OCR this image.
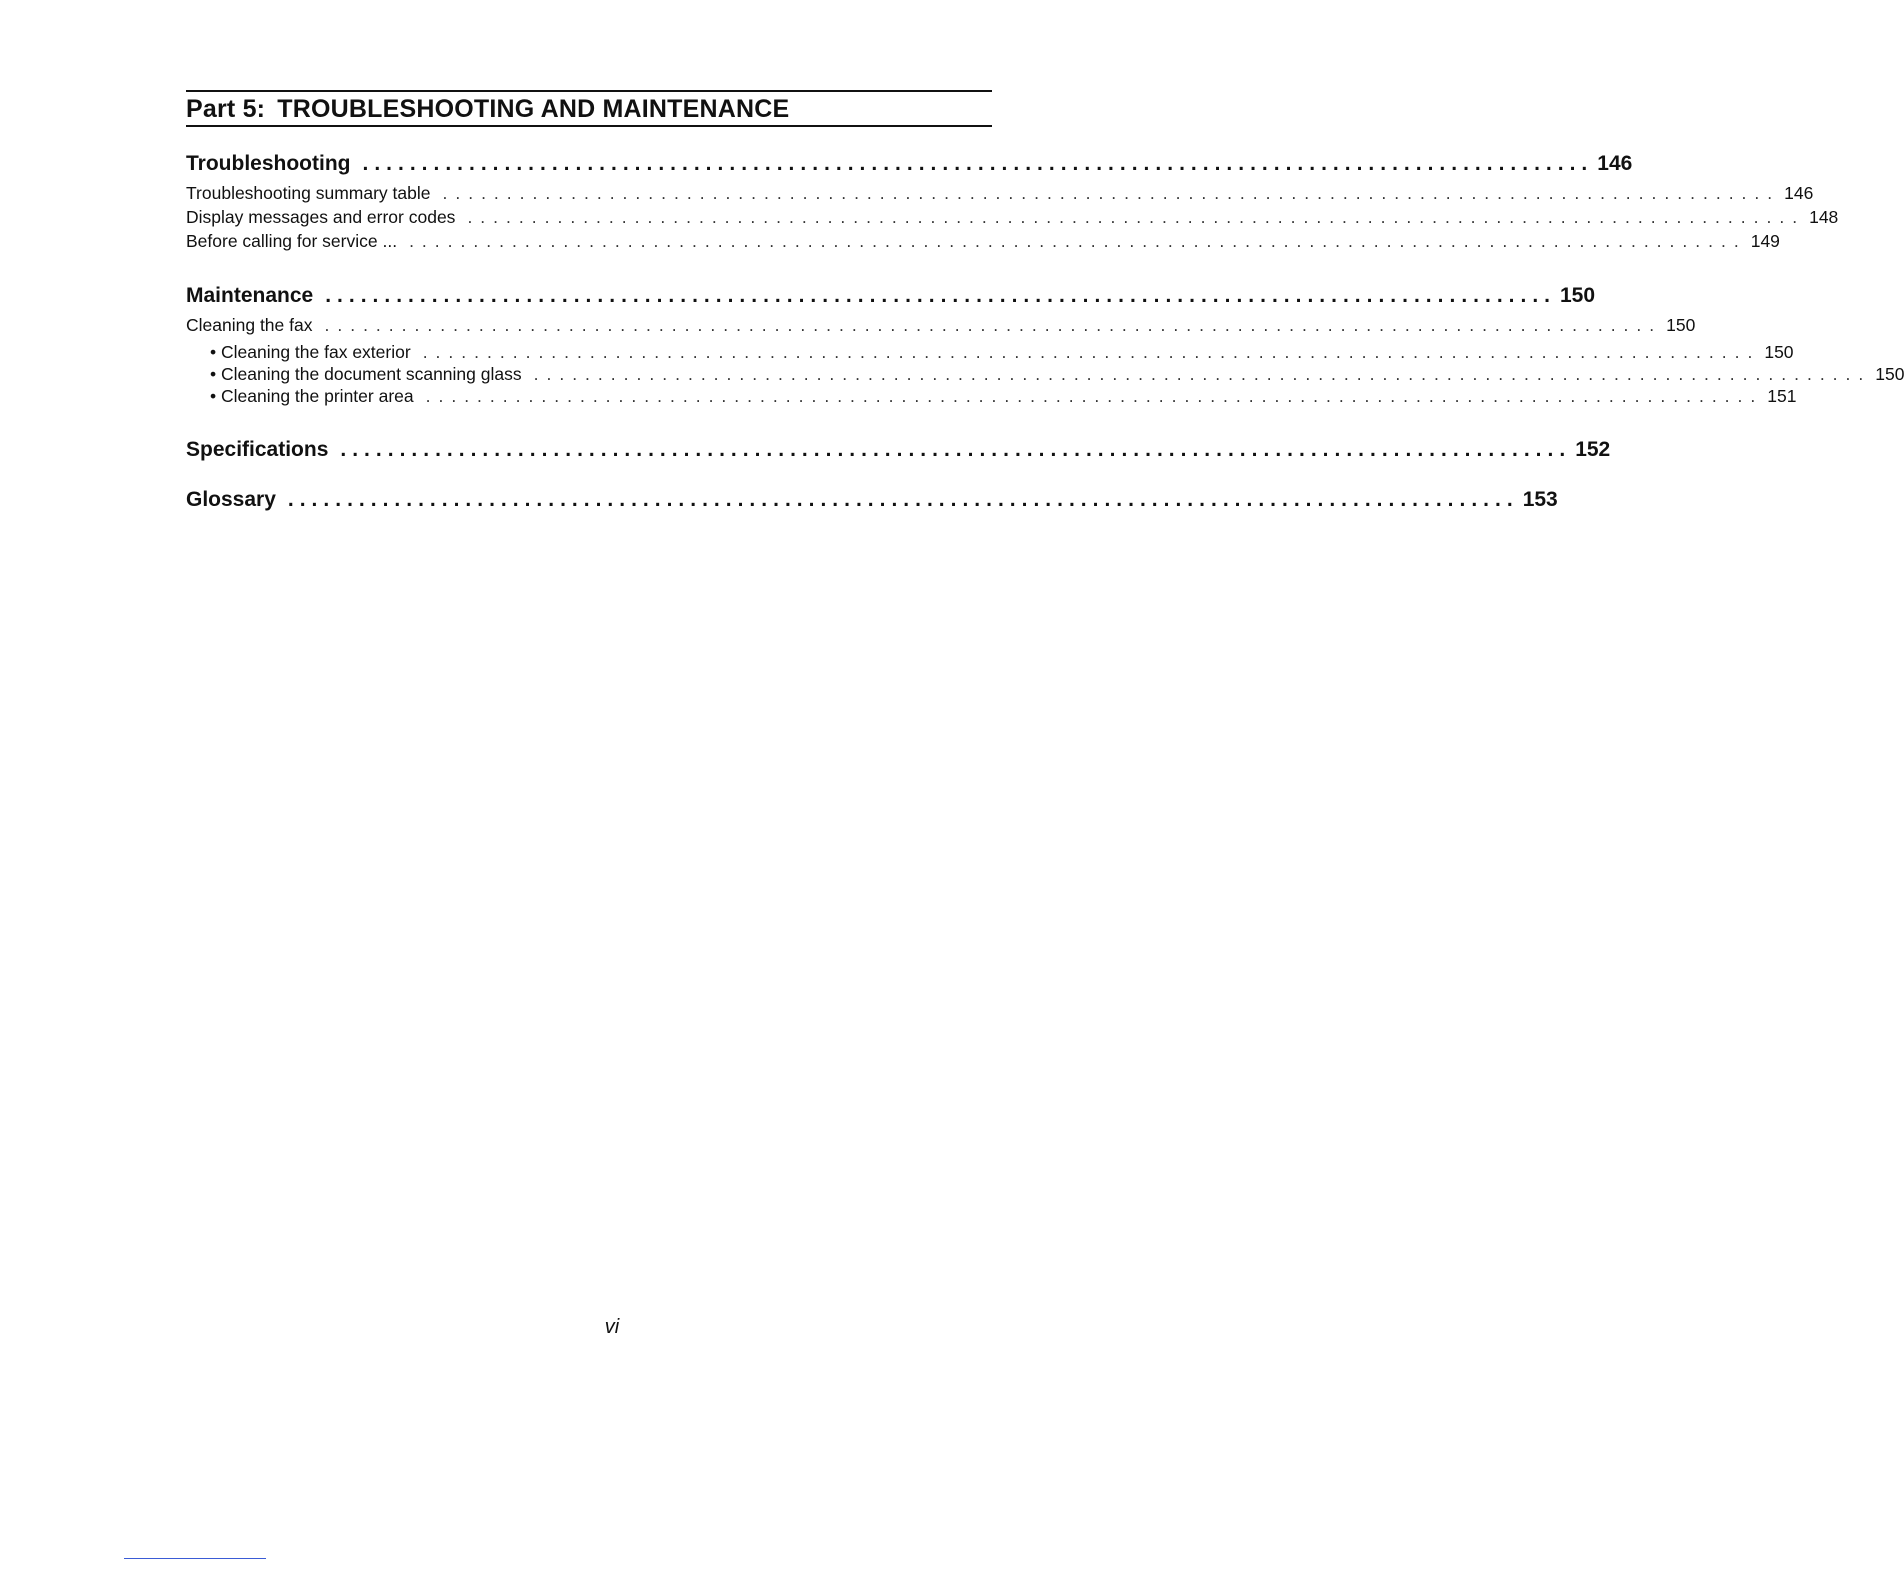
Part 5: TROUBLESHOOTING AND MAINTENANCE
Troubleshooting ........................................................................................................ 146
Troubleshooting summary table ........................................................................................................ 146
Display messages and error codes ........................................................................................................ 148
Before calling for service ... ........................................................................................................ 149
Maintenance ........................................................................................................ 150
Cleaning the fax ........................................................................................................ 150
• Cleaning the fax exterior ........................................................................................................ 150
• Cleaning the document scanning glass ........................................................................................................ 150
• Cleaning the printer area ........................................................................................................ 151
Specifications ........................................................................................................ 152
Glossary ........................................................................................................ 153
vi
